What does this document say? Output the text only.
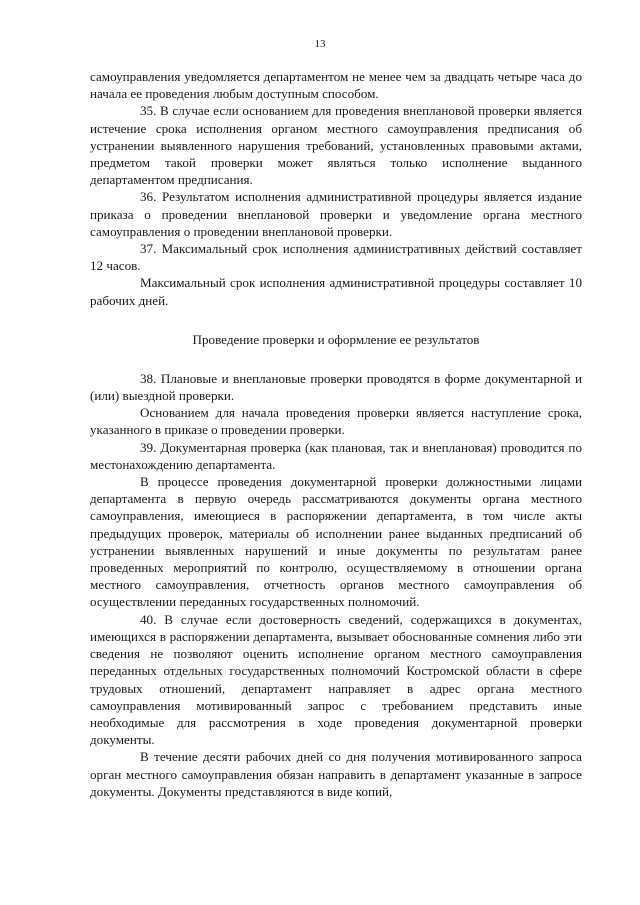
13

самоуправления уведомляется департаментом не менее чем за двадцать четыре часа до начала ее проведения любым доступным способом.

35. В случае если основанием для проведения внеплановой проверки является истечение срока исполнения органом местного самоуправления предписания об устранении выявленного нарушения требований, установленных правовыми актами, предметом такой проверки может являться только исполнение выданного департаментом предписания.

36. Результатом исполнения административной процедуры является издание приказа о проведении внеплановой проверки и уведомление органа местного самоуправления о проведении внеплановой проверки.

37. Максимальный срок исполнения административных действий составляет 12 часов.

Максимальный срок исполнения административной процедуры составляет 10 рабочих дней.

Проведение проверки и оформление ее результатов

38. Плановые и внеплановые проверки проводятся в форме документарной и (или) выездной проверки.

Основанием для начала проведения проверки является наступление срока, указанного в приказе о проведении проверки.

39. Документарная проверка (как плановая, так и внеплановая) проводится по местонахождению департамента.

В процессе проведения документарной проверки должностными лицами департамента в первую очередь рассматриваются документы органа местного самоуправления, имеющиеся в распоряжении департамента, в том числе акты предыдущих проверок, материалы об исполнении ранее выданных предписаний об устранении выявленных нарушений и иные документы по результатам ранее проведенных мероприятий по контролю, осуществляемому в отношении органа местного самоуправления, отчетность органов местного самоуправления об осуществлении переданных государственных полномочий.

40. В случае если достоверность сведений, содержащихся в документах, имеющихся в распоряжении департамента, вызывает обоснованные сомнения либо эти сведения не позволяют оценить исполнение органом местного самоуправления переданных отдельных государственных полномочий Костромской области в сфере трудовых отношений, департамент направляет в адрес органа местного самоуправления мотивированный запрос с требованием представить иные необходимые для рассмотрения в ходе проведения документарной проверки документы.

В течение десяти рабочих дней со дня получения мотивированного запроса орган местного самоуправления обязан направить в департамент указанные в запросе документы. Документы представляются в виде копий,
